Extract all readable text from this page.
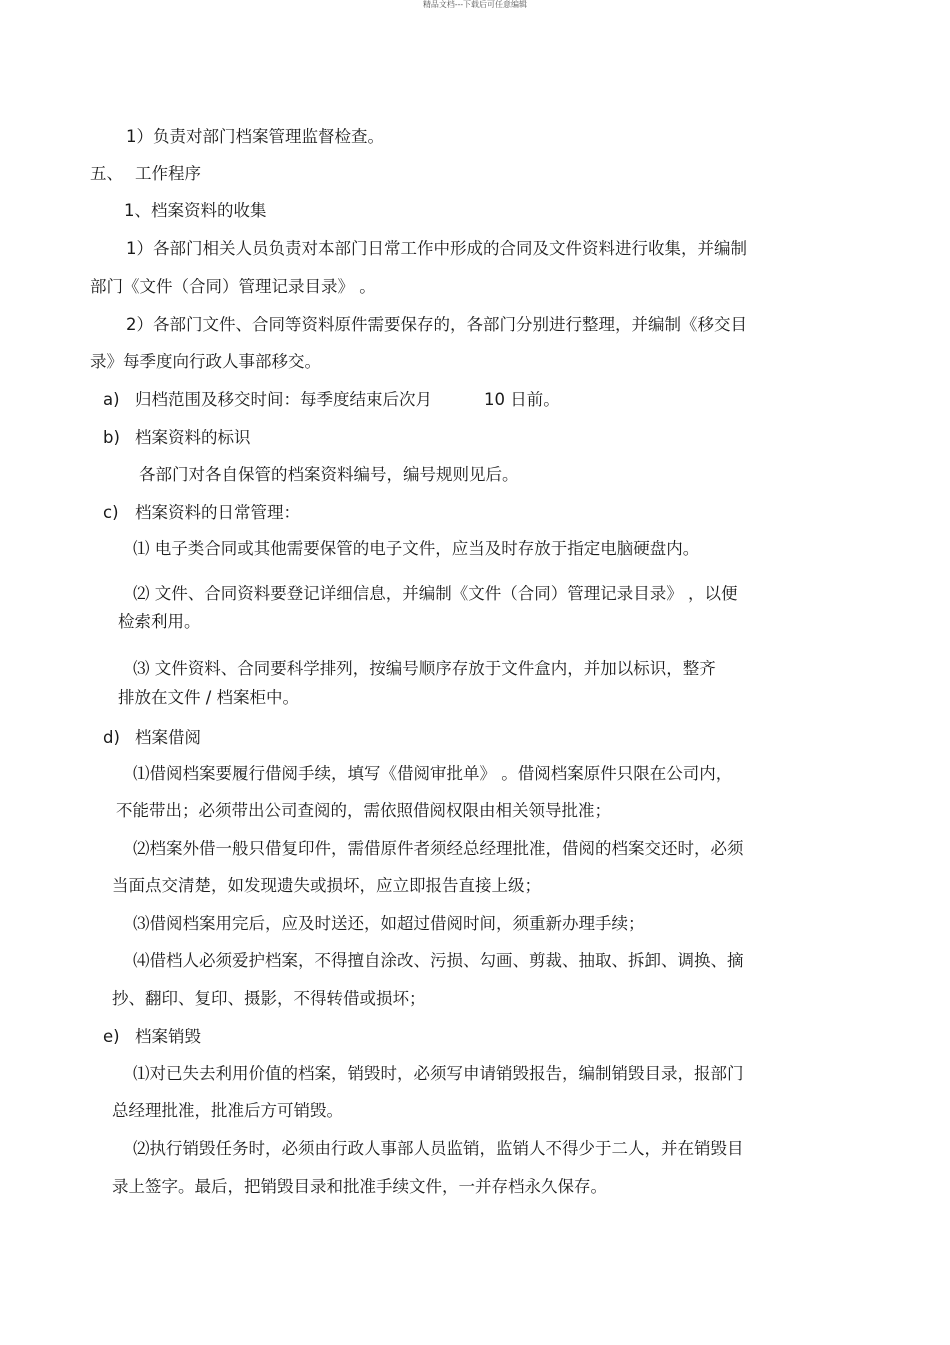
精品文档---下载后可任意编辑
1）负责对部门档案管理监督检查。
五、 工作程序
1、档案资料的收集
1）各部门相关人员负责对本部门日常工作中形成的合同及文件资料进行收集，并编制
部门《文件（合同）管理记录目录》 。
2）各部门文件、合同等资料原件需要保存的，各部门分别进行整理，并编制《移交目
录》每季度向行政人事部移交。
a) 归档范围及移交时间：每季度结束后次月	10 日前。
b) 档案资料的标识
各部门对各自保管的档案资料编号，编号规则见后。
c) 档案资料的日常管理：
⑴ 电子类合同或其他需要保管的电子文件，应当及时存放于指定电脑硬盘内。
⑵ 文件、合同资料要登记详细信息，并编制《文件（合同）管理记录目录》 ，以便
检索利用。
⑶ 文件资料、合同要科学排列，按编号顺序存放于文件盒内，并加以标识，整齐
排放在文件 / 档案柜中。
d) 档案借阅
⑴借阅档案要履行借阅手续，填写《借阅审批单》 。借阅档案原件只限在公司内，
不能带出；必须带出公司查阅的，需依照借阅权限由相关领导批准；
⑵档案外借一般只借复印件，需借原件者须经总经理批准，借阅的档案交还时，必须
当面点交清楚，如发现遗失或损坏，应立即报告直接上级；
⑶借阅档案用完后，应及时送还，如超过借阅时间，须重新办理手续；
⑷借档人必须爱护档案，不得擅自涂改、污损、勾画、剪裁、抽取、拆卸、调换、摘
抄、翻印、复印、摄影，不得转借或损坏；
e) 档案销毁
⑴对已失去利用价值的档案，销毁时，必须写申请销毁报告，编制销毁目录，报部门
总经理批准，批准后方可销毁。
⑵执行销毁任务时，必须由行政人事部人员监销，监销人不得少于二人，并在销毁目
录上签字。最后，把销毁目录和批准手续文件，一并存档永久保存。
